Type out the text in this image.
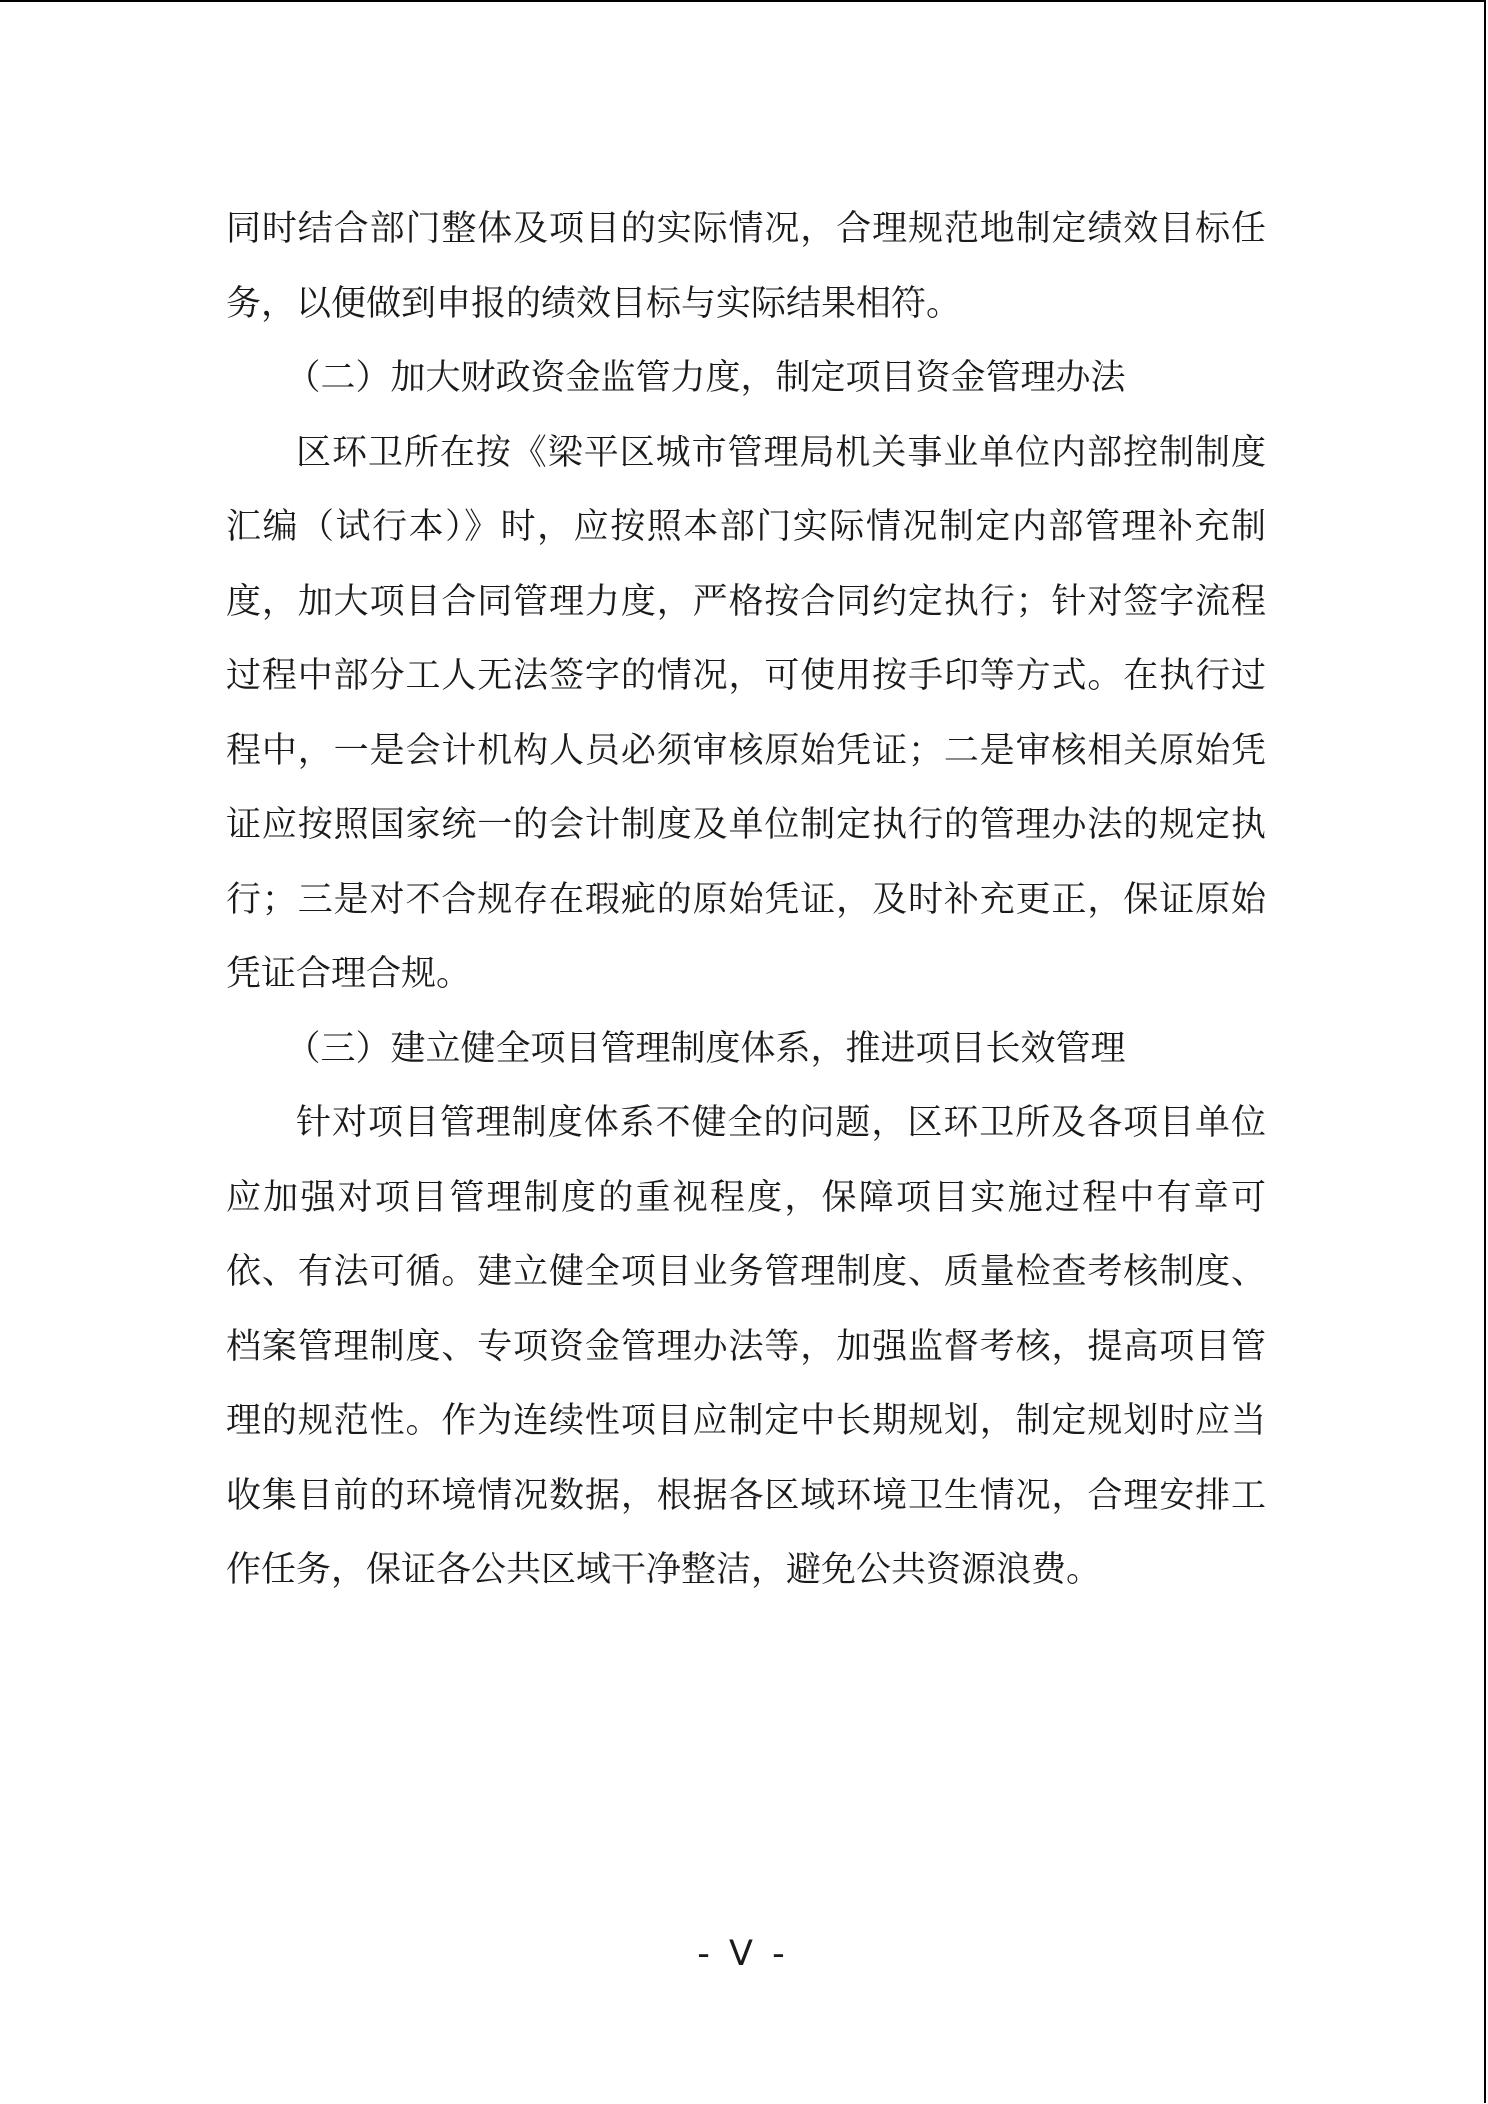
同时结合部门整体及项目的实际情况，合理规范地制定绩效目标任务，以便做到申报的绩效目标与实际结果相符。

（二）加大财政资金监管力度，制定项目资金管理办法

区环卫所在按《梁平区城市管理局机关事业单位内部控制制度汇编（试行本）》时，应按照本部门实际情况制定内部管理补充制度，加大项目合同管理力度，严格按合同约定执行；针对签字流程过程中部分工人无法签字的情况，可使用按手印等方式。在执行过程中，一是会计机构人员必须审核原始凭证；二是审核相关原始凭证应按照国家统一的会计制度及单位制定执行的管理办法的规定执行；三是对不合规存在瑕疵的原始凭证，及时补充更正，保证原始凭证合理合规。

（三）建立健全项目管理制度体系，推进项目长效管理

针对项目管理制度体系不健全的问题，区环卫所及各项目单位应加强对项目管理制度的重视程度，保障项目实施过程中有章可依、有法可循。建立健全项目业务管理制度、质量检查考核制度、档案管理制度、专项资金管理办法等，加强监督考核，提高项目管理的规范性。作为连续性项目应制定中长期规划，制定规划时应当收集目前的环境情况数据，根据各区域环境卫生情况，合理安排工作任务，保证各公共区域干净整洁，避免公共资源浪费。

- V -
